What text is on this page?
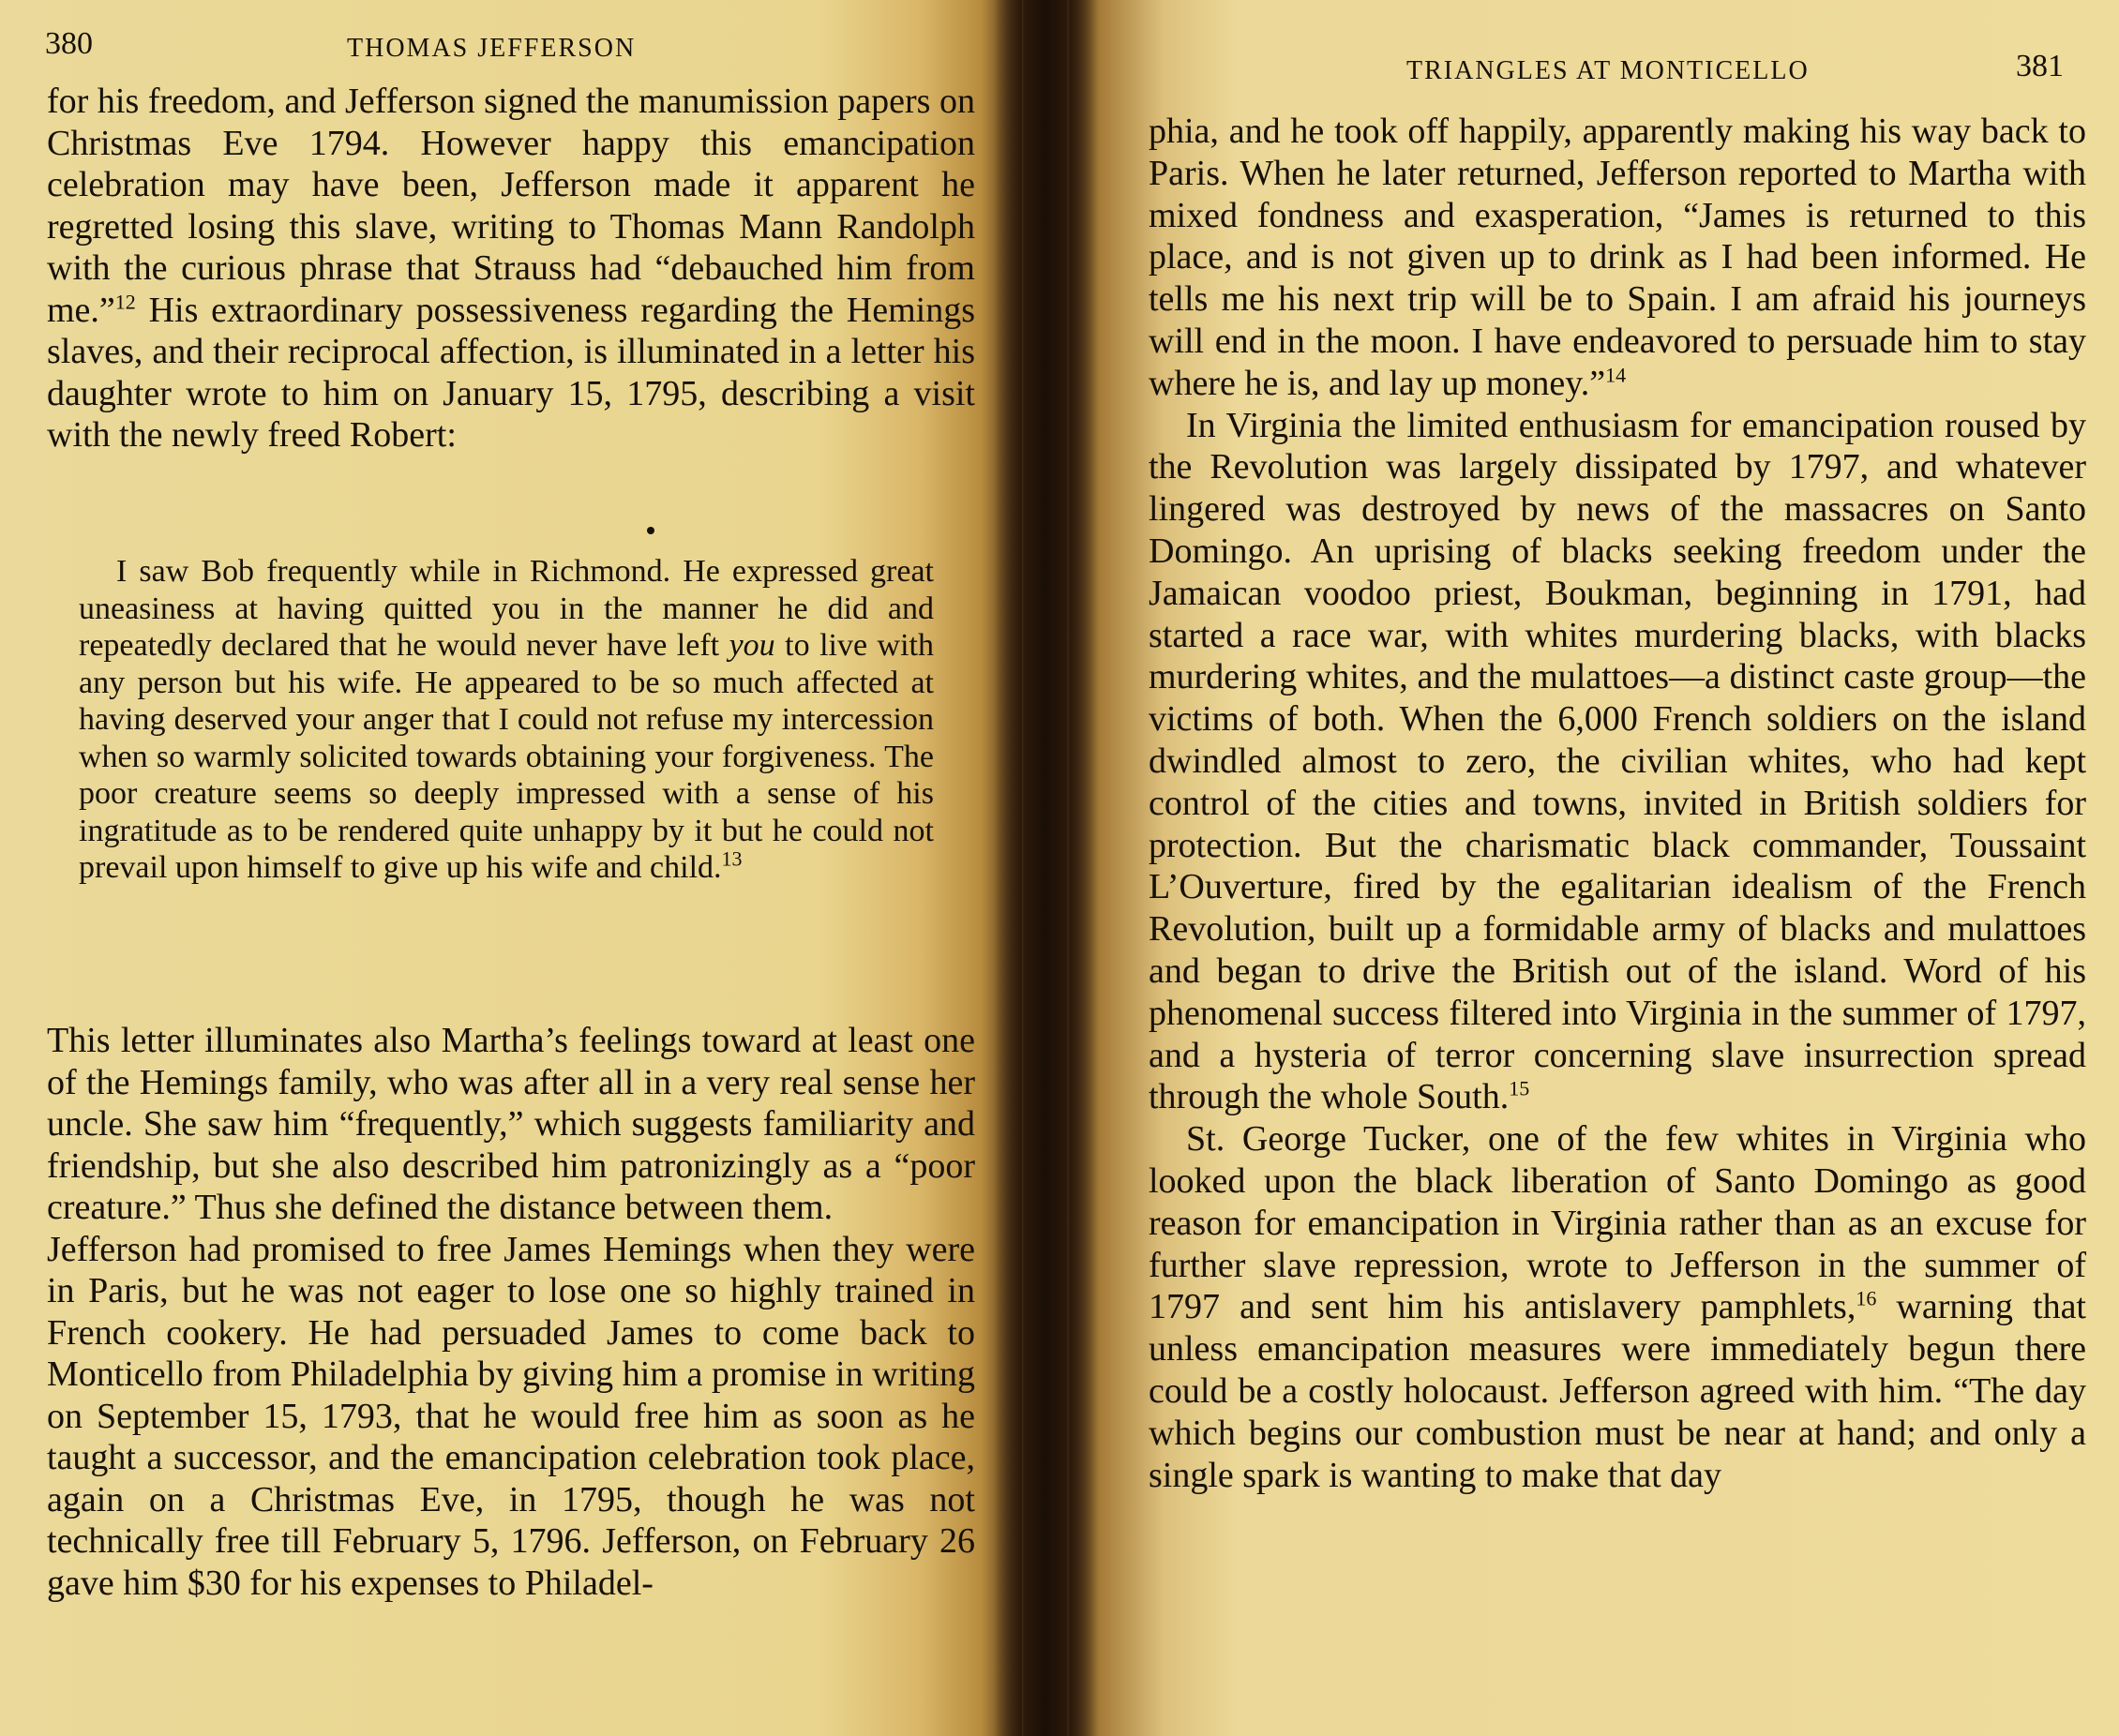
380	THOMAS JEFFERSON

for his freedom, and Jefferson signed the manumission papers on Christmas Eve 1794. However happy this emancipation celebration may have been, Jefferson made it apparent he regretted losing this slave, writing to Thomas Mann Randolph with the curious phrase that Strauss had “debauched him from me.”$^{12}$ His extraordinary possessiveness regarding the Hemings slaves, and their reciprocal affection, is illuminated in a letter his daughter wrote to him on January 15, 1795, describing a visit with the newly freed Robert:

I saw Bob frequently while in Richmond. He expressed great uneasiness at having quitted you in the manner he did and repeatedly declared that he would never have left you to live with any person but his wife. He appeared to be so much affected at having deserved your anger that I could not refuse my intercession when so warmly solicited towards obtaining your forgiveness. The poor creature seems so deeply impressed with a sense of his ingratitude as to be rendered quite unhappy by it but he could not prevail upon himself to give up his wife and child.$^{13}$

This letter illuminates also Martha’s feelings toward at least one of the Hemings family, who was after all in a very real sense her uncle. She saw him “frequently,” which suggests familiarity and friendship, but she also described him patronizingly as a “poor creature.” Thus she defined the distance between them.

Jefferson had promised to free James Hemings when they were in Paris, but he was not eager to lose one so highly trained in French cookery. He had persuaded James to come back to Monticello from Philadelphia by giving him a promise in writing on September 15, 1793, that he would free him as soon as he taught a successor, and the emancipation celebration took place, again on a Christmas Eve, in 1795, though he was not technically free till February 5, 1796. Jefferson, on February 26 gave him $30 for his expenses to Philadel-

TRIANGLES AT MONTICELLO	381

phia, and he took off happily, apparently making his way back to Paris. When he later returned, Jefferson reported to Martha with mixed fondness and exasperation, “James is returned to this place, and is not given up to drink as I had been informed. He tells me his next trip will be to Spain. I am afraid his journeys will end in the moon. I have endeavored to persuade him to stay where he is, and lay up money.”$^{14}$

In Virginia the limited enthusiasm for emancipation roused by the Revolution was largely dissipated by 1797, and whatever lingered was destroyed by news of the massacres on Santo Domingo. An uprising of blacks seeking freedom under the Jamaican voodoo priest, Boukman, beginning in 1791, had started a race war, with whites murdering blacks, with blacks murdering whites, and the mulattoes—a distinct caste group—the victims of both. When the 6,000 French soldiers on the island dwindled almost to zero, the civilian whites, who had kept control of the cities and towns, invited in British soldiers for protection. But the charismatic black commander, Toussaint L’Ouverture, fired by the egalitarian idealism of the French Revolution, built up a formidable army of blacks and mulattoes and began to drive the British out of the island. Word of his phenomenal success filtered into Virginia in the summer of 1797, and a hysteria of terror concerning slave insurrection spread through the whole South.$^{15}$

St. George Tucker, one of the few whites in Virginia who looked upon the black liberation of Santo Domingo as good reason for emancipation in Virginia rather than as an excuse for further slave repression, wrote to Jefferson in the summer of 1797 and sent him his antislavery pamphlets,$^{16}$ warning that unless emancipation measures were immediately begun there could be a costly holocaust. Jefferson agreed with him. “The day which begins our combustion must be near at hand; and only a single spark is wanting to make that day
